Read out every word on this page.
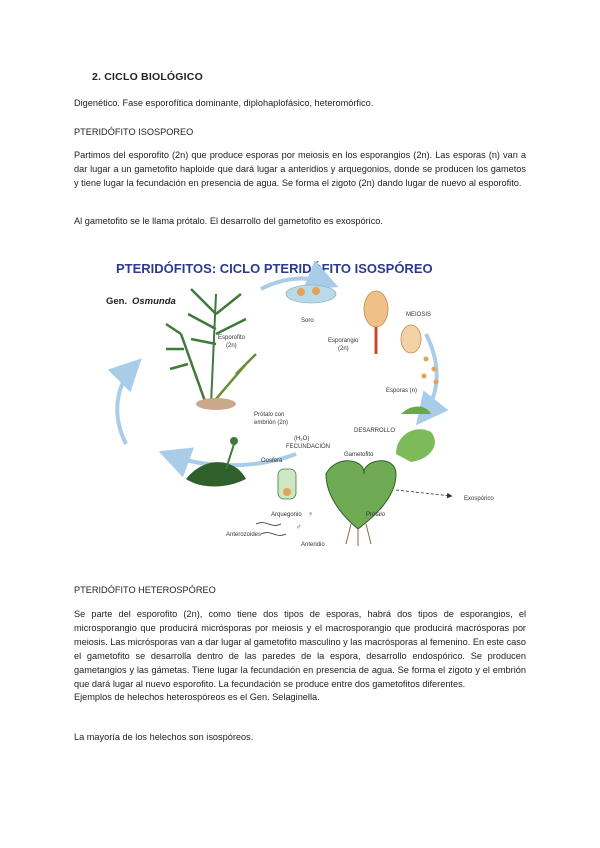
2. CICLO BIOLÓGICO
Digenético. Fase esporofítica dominante, diplohaplofásico, heteromórfico.
PTERIDÓFITO ISOSPOREO

Partimos del esporofito (2n) que produce esporas por meiosis en los esporangios (2n). Las esporas (n) van a dar lugar a un gametofito haploide que dará lugar a anteridios y arquegonios, donde se producen los gametos y tiene lugar la fecundación en presencia de agua. Se forma el zigoto (2n) dando lugar de nuevo al esporofito.

Al gametofito se le llama prótalo. El desarrollo del gametofito es exospórico.
PTERIDÓFITOS: CICLO PTERIDÓFITO ISOSPÓREO
Gen. Osmunda
Esporofito
(2n)
Soro
Esporangio
(2n)
MEIOSIS
Esporas (n)
DESARROLLO
Prótalo con
embrión (2n)
(H₂O)
FECUNDACIÓN
Oosfera
Gametofito
Arquegonio ♀
♂
Anterozoides
Anteridio
Exospórico
Prótalo
PTERIDÓFITO HETEROSPÓREO

Se parte del esporofito (2n), como tiene dos tipos de esporas, habrá dos tipos de esporangios, el microsporangio que producirá micrósporas por meiosis y el macrosporangio que producirá macrósporas por meiosis. Las micrósporas van a dar lugar al gametofito masculino y las macrósporas al femenino. En este caso el gametofito se desarrolla dentro de las paredes de la espora, desarrollo endospórico. Se producen gametangios y las gámetas. Tiene lugar la fecundación en presencia de agua. Se forma el zigoto y el embrión que dará lugar al nuevo esporofito. La fecundación se produce entre dos gametofitos diferentes.

Ejemplos de helechos heterospóreos es el Gen. Selaginella.

La mayoría de los helechos son isospóreos.
